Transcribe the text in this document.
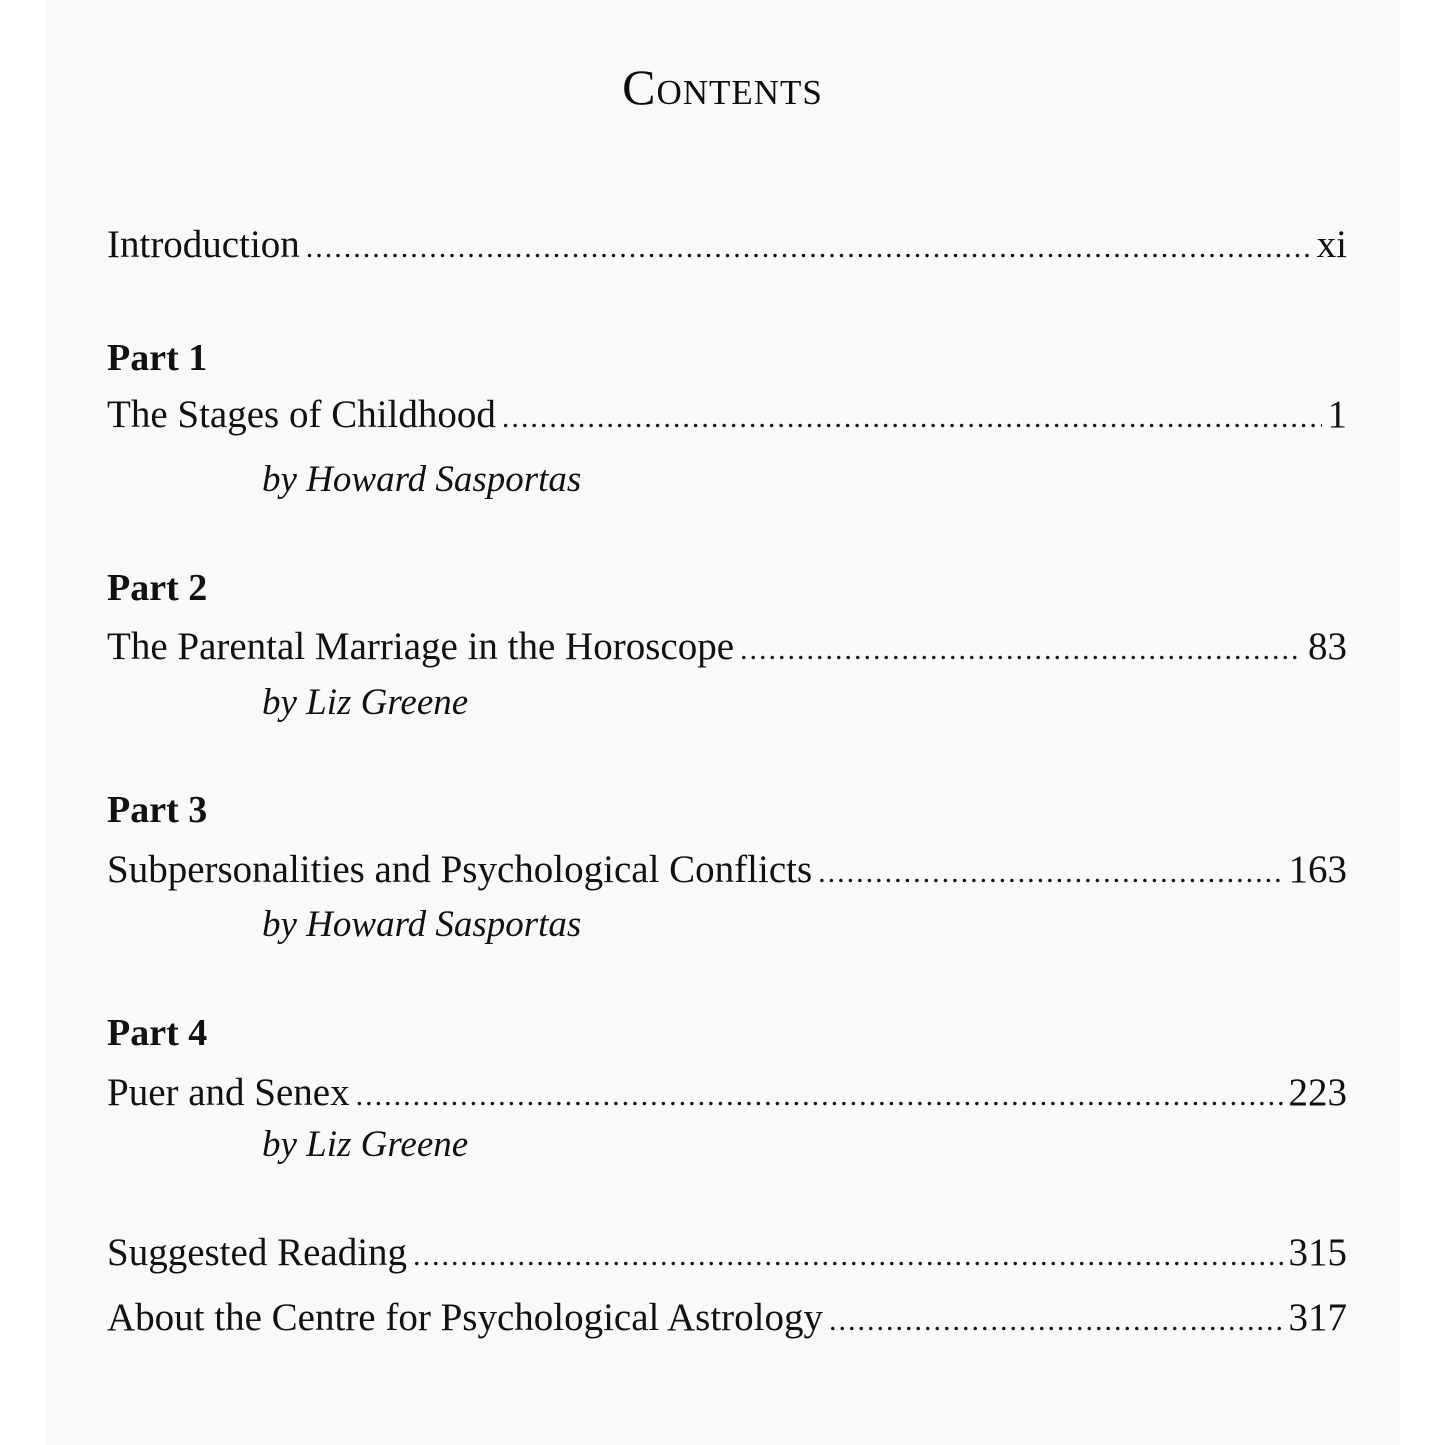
Contents
Introduction .....	xi
Part 1
The Stages of Childhood .....	1
by Howard Sasportas
Part 2
The Parental Marriage in the Horoscope .....	83
by Liz Greene
Part 3
Subpersonalities and Psychological Conflicts .....	163
by Howard Sasportas
Part 4
Puer and Senex .....	223
by Liz Greene
Suggested Reading .....	315
About the Centre for Psychological Astrology .....	317
